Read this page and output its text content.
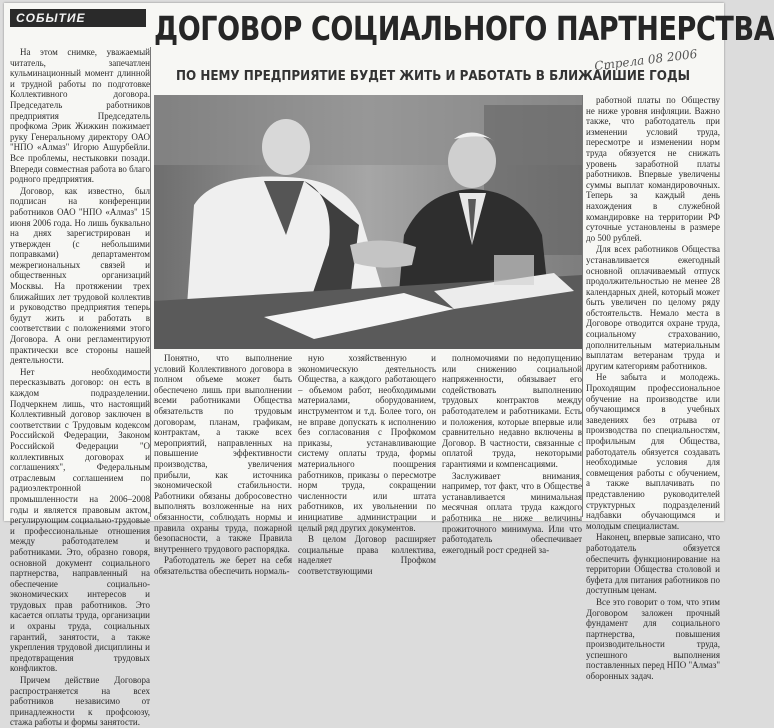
СОБЫТИЕ	ДОГОВОР СОЦИАЛЬНОГО ПАРТНЕРСТВА
ПО НЕМУ ПРЕДПРИЯТИЕ БУДЕТ ЖИТЬ И РАБОТАТЬ В БЛИЖАЙШИЕ ГОДЫ
Стрела 08 2006

На этом снимке, уважаемый читатель, запечатлен кульминационный момент длинной и трудной работы по подготовке Коллективного договора. Председатель работников предприятия Председатель профкома Эрик Жижкин пожимает руку Генеральному директору ОАО "НПО «Алмаз" Игорю Ашурбейли. Все проблемы, нестыковки позади. Впереди совместная работа во благо родного предприятия.

Договор, как известно, был подписан на конференции работников ОАО "НПО «Алмаз" 15 июня 2006 года. Но лишь буквально на днях зарегистрирован и утвержден (с небольшими поправками) департаментом межрегиональных связей и общественных организаций Москвы. На протяжении трех ближайших лет трудовой коллектив и руководство предприятия теперь будут жить и работать в соответствии с положениями этого Договора. А они регламентируют практически все стороны нашей деятельности.

Нет необходимости пересказывать договор: он есть в каждом подразделении. Подчеркнем лишь, что настоящий Коллективный договор заключен в соответствии с Трудовым кодексом Российской Федерации, Законом Российской Федерации "О коллективных договорах и соглашениях", Федеральным отраслевым соглашением по радиоэлектронной промышленности на 2006–2008 годы и является правовым актом, регулирующим социально-трудовые и профессиональные отношения между работодателем и работниками. Это, образно говоря, основной документ социального партнерства, направленный на обеспечение социально-экономических интересов и трудовых прав работников. Это касается оплаты труда, организации и охраны труда, социальных гарантий, занятости, а также укрепления трудовой дисциплины и предотвращения трудовых конфликтов.

Причем действие Договора распространяется на всех работников независимо от принадлежности к профсоюзу, стажа работы и формы занятости.

Понятно, что выполнение условий Коллективного договора в полном объеме может быть обеспечено лишь при выполнении всеми работниками Общества обязательств по трудовым договорам, планам, графикам, контрактам, а также всех мероприятий, направленных на повышение эффективности производства, увеличения прибыли, как источника экономической стабильности. Работники обязаны добросовестно выполнять возложенные на них обязанности, соблюдать нормы и правила охраны труда, пожарной безопасности, а также Правила внутреннего трудового распорядка.

Работодатель же берет на себя обязательства обеспечить нормаль-

ную хозяйственную и экономическую деятельность Общества, а каждого работающего – объемом работ, необходимыми материалами, оборудованием, инструментом и т.д. Более того, он не вправе допускать к исполнению без согласования с Профкомом приказы, устанавливающие систему оплаты труда, формы материального поощрения работников, приказы о пересмотре норм труда, сокращении численности или штата работников, их увольнении по инициативе администрации и целый ряд других документов.

В целом Договор расширяет социальные права коллектива, наделяет Профком соответствующими

полномочиями по недопущению или снижению социальной напряженности, обязывает его содействовать выполнению трудовых контрактов между работодателем и работниками. Есть и положения, которые впервые или сравнительно недавно включены в Договор. В частности, связанные с оплатой труда, некоторыми гарантиями и компенсациями.

Заслуживает внимания, например, тот факт, что в Обществе устанавливается минимальная месячная оплата труда каждого работника не ниже величины прожиточного минимума. Или что работодатель обеспечивает ежегодный рост средней за-

работной платы по Обществу не ниже уровня инфляции. Важно также, что работодатель при изменении условий труда, пересмотре и изменении норм труда обязуется не снижать уровень заработной платы работников. Впервые увеличены суммы выплат командировочных. Теперь за каждый день нахождения в служебной командировке на территории РФ суточные установлены в размере до 500 рублей.

Для всех работников Общества устанавливается ежегодный основной оплачиваемый отпуск продолжительностью не менее 28 календарных дней, который может быть увеличен по целому ряду обстоятельств. Немало места в Договоре отводится охране труда, социальному страхованию, дополнительным материальным выплатам ветеранам труда и другим категориям работников.

Не забыта и молодежь. Проходящим профессиональное обучение на производстве или обучающимся в учебных заведениях без отрыва от производства по специальностям, профильным для Общества, работодатель обязуется создавать необходимые условия для совмещения работы с обучением, а также выплачивать по представлению руководителей структурных подразделений надбавки обучающимся и молодым специалистам.

Наконец, впервые записано, что работодатель обязуется обеспечить функционирование на территории Общества столовой и буфета для питания работников по доступным ценам.

Все это говорит о том, что этим Договором заложен прочный фундамент для социального партнерства, повышения производительности труда, успешного выполнения поставленных перед НПО "Алмаз" оборонных задач.
